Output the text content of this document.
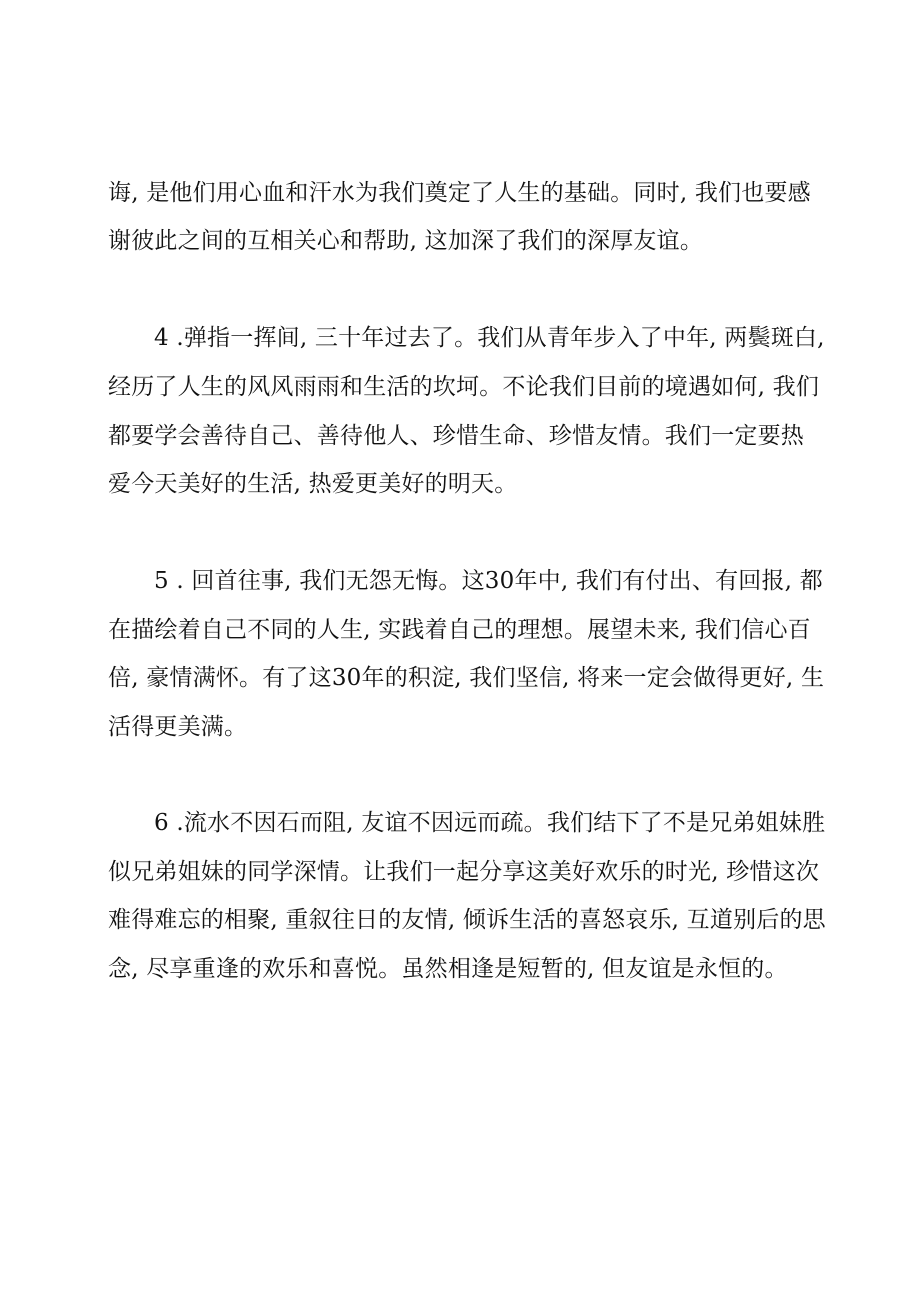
诲, 是他们用心血和汗水为我们奠定了人生的基础。同时, 我们也要感
谢彼此之间的互相关心和帮助, 这加深了我们的深厚友谊。
4 .弹指一挥间, 三十年过去了。我们从青年步入了中年, 两鬓斑白,
经历了人生的风风雨雨和生活的坎坷。不论我们目前的境遇如何, 我们
都要学会善待自己、善待他人、珍惜生命、珍惜友情。我们一定要热
爱今天美好的生活, 热爱更美好的明天。
5 . 回首往事, 我们无怨无悔。这30年中, 我们有付出、有回报, 都
在描绘着自己不同的人生, 实践着自己的理想。展望未来, 我们信心百
倍, 豪情满怀。有了这30年的积淀, 我们坚信, 将来一定会做得更好, 生
活得更美满。
6 .流水不因石而阻, 友谊不因远而疏。我们结下了不是兄弟姐妹胜
似兄弟姐妹的同学深情。让我们一起分享这美好欢乐的时光, 珍惜这次
难得难忘的相聚, 重叙往日的友情, 倾诉生活的喜怒哀乐, 互道别后的思
念, 尽享重逢的欢乐和喜悦。虽然相逢是短暂的, 但友谊是永恒的。
